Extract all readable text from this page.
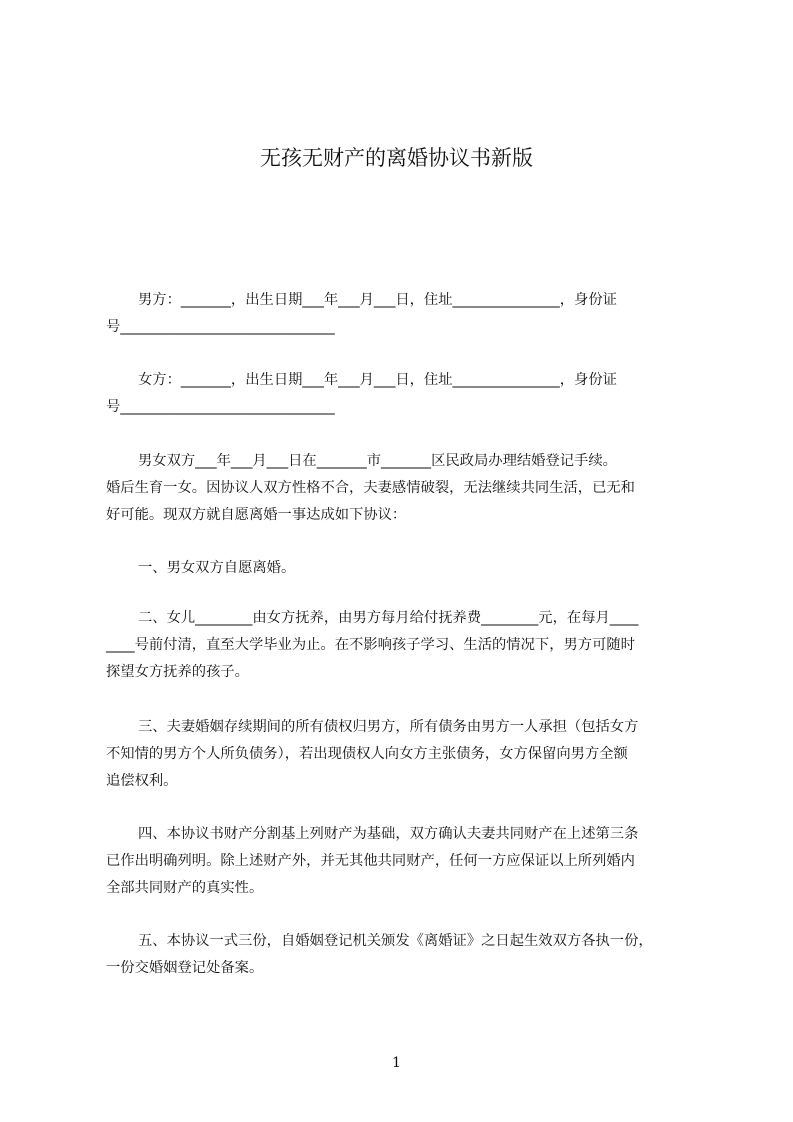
无孩无财产的离婚协议书新版
男方：_______，出生日期___年___月___日，住址_______________，身份证
号______________________________
女方：_______，出生日期___年___月___日，住址_______________，身份证
号______________________________
男女双方___年___月___日在_______市_______区民政局办理结婚登记手续。
婚后生育一女。因协议人双方性格不合，夫妻感情破裂，无法继续共同生活，已无和
好可能。现双方就自愿离婚一事达成如下协议：
一、男女双方自愿离婚。
二、女儿________由女方抚养，由男方每月给付抚养费________元，在每月____
____号前付清，直至大学毕业为止。在不影响孩子学习、生活的情况下，男方可随时
探望女方抚养的孩子。
三、夫妻婚姻存续期间的所有债权归男方，所有债务由男方一人承担（包括女方
不知情的男方个人所负债务），若出现债权人向女方主张债务，女方保留向男方全额
追偿权利。
四、本协议书财产分割基上列财产为基础，双方确认夫妻共同财产在上述第三条
已作出明确列明。除上述财产外，并无其他共同财产，任何一方应保证以上所列婚内
全部共同财产的真实性。
五、本协议一式三份，自婚姻登记机关颁发《离婚证》之日起生效双方各执一份，
一份交婚姻登记处备案。
1
